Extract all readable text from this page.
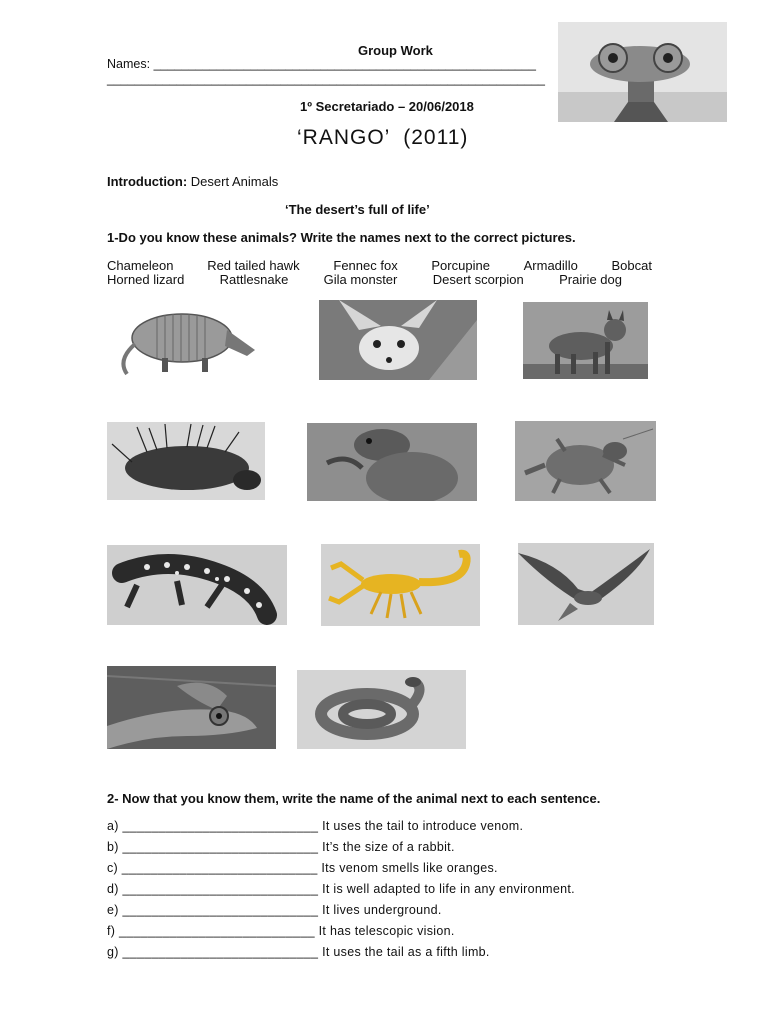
Group Work
Names: _______________________________________________________
_______________________________________________________________
1º Secretariado – 20/06/2018
‘RANGO’  (2011)
Introduction: Desert Animals
‘The desert’s full of life’
1-Do you know these animals? Write the names next to the correct pictures.
Chameleon	Red tailed hawk	Fennec fox	Porcupine	Armadillo	Bobcat
Horned lizard	Rattlesnake	Gila monster	Desert scorpion	Prairie dog
2- Now that you know them, write the name of the animal next to each sentence.
a) ___________________________ It uses the tail to introduce venom.
b) ___________________________ It’s the size of a rabbit.
c) ___________________________ Its venom smells like oranges.
d) ___________________________ It is well adapted to life in any environment.
e) ___________________________ It lives underground.
f) ___________________________ It has telescopic vision.
g) ___________________________ It uses the tail as a fifth limb.
